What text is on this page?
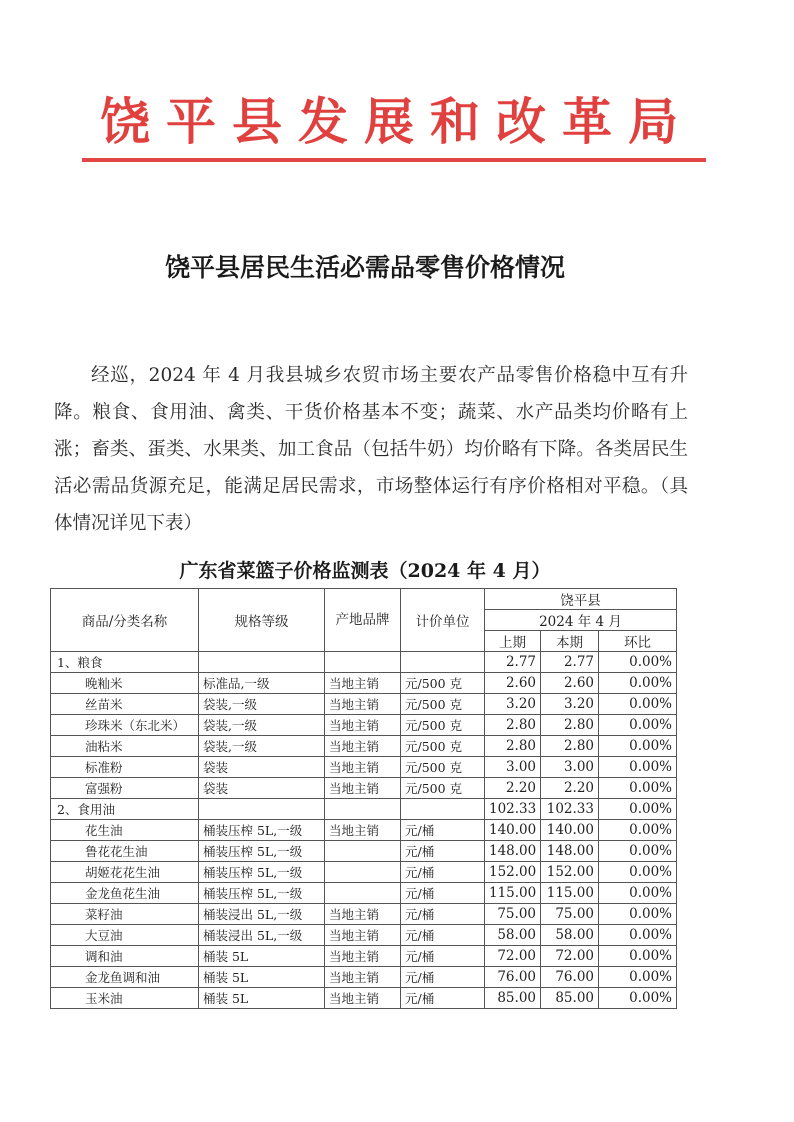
饶平县发展和改革局
饶平县居民生活必需品零售价格情况

经巡，2024 年 4 月我县城乡农贸市场主要农产品零售价格稳中互有升降。粮食、食用油、禽类、干货价格基本不变；蔬菜、水产品类均价略有上涨；畜类、蛋类、水果类、加工食品（包括牛奶）均价略有下降。各类居民生活必需品货源充足，能满足居民需求，市场整体运行有序价格相对平稳。（具体情况详见下表）

广东省菜篮子价格监测表（2024 年 4 月）
商品/分类名称	规格等级	产地品牌	计价单位	饶平县		
				2024 年 4 月		
				上期	本期	环比
1、粮食				2.77	2.77	0.00%
晚籼米	标准品,一级	当地主销	元/500 克	2.60	2.60	0.00%
丝苗米	袋装,一级	当地主销	元/500 克	3.20	3.20	0.00%
珍珠米（东北米）	袋装,一级	当地主销	元/500 克	2.80	2.80	0.00%
油粘米	袋装,一级	当地主销	元/500 克	2.80	2.80	0.00%
标准粉	袋装	当地主销	元/500 克	3.00	3.00	0.00%
富强粉	袋装	当地主销	元/500 克	2.20	2.20	0.00%
2、食用油				102.33	102.33	0.00%
花生油	桶装压榨 5L,一级	当地主销	元/桶	140.00	140.00	0.00%
鲁花花生油	桶装压榨 5L,一级		元/桶	148.00	148.00	0.00%
胡姬花花生油	桶装压榨 5L,一级		元/桶	152.00	152.00	0.00%
金龙鱼花生油	桶装压榨 5L,一级		元/桶	115.00	115.00	0.00%
菜籽油	桶装浸出 5L,一级	当地主销	元/桶	75.00	75.00	0.00%
大豆油	桶装浸出 5L,一级	当地主销	元/桶	58.00	58.00	0.00%
调和油	桶装 5L	当地主销	元/桶	72.00	72.00	0.00%
金龙鱼调和油	桶装 5L	当地主销	元/桶	76.00	76.00	0.00%
玉米油	桶装 5L	当地主销	元/桶	85.00	85.00	0.00%
